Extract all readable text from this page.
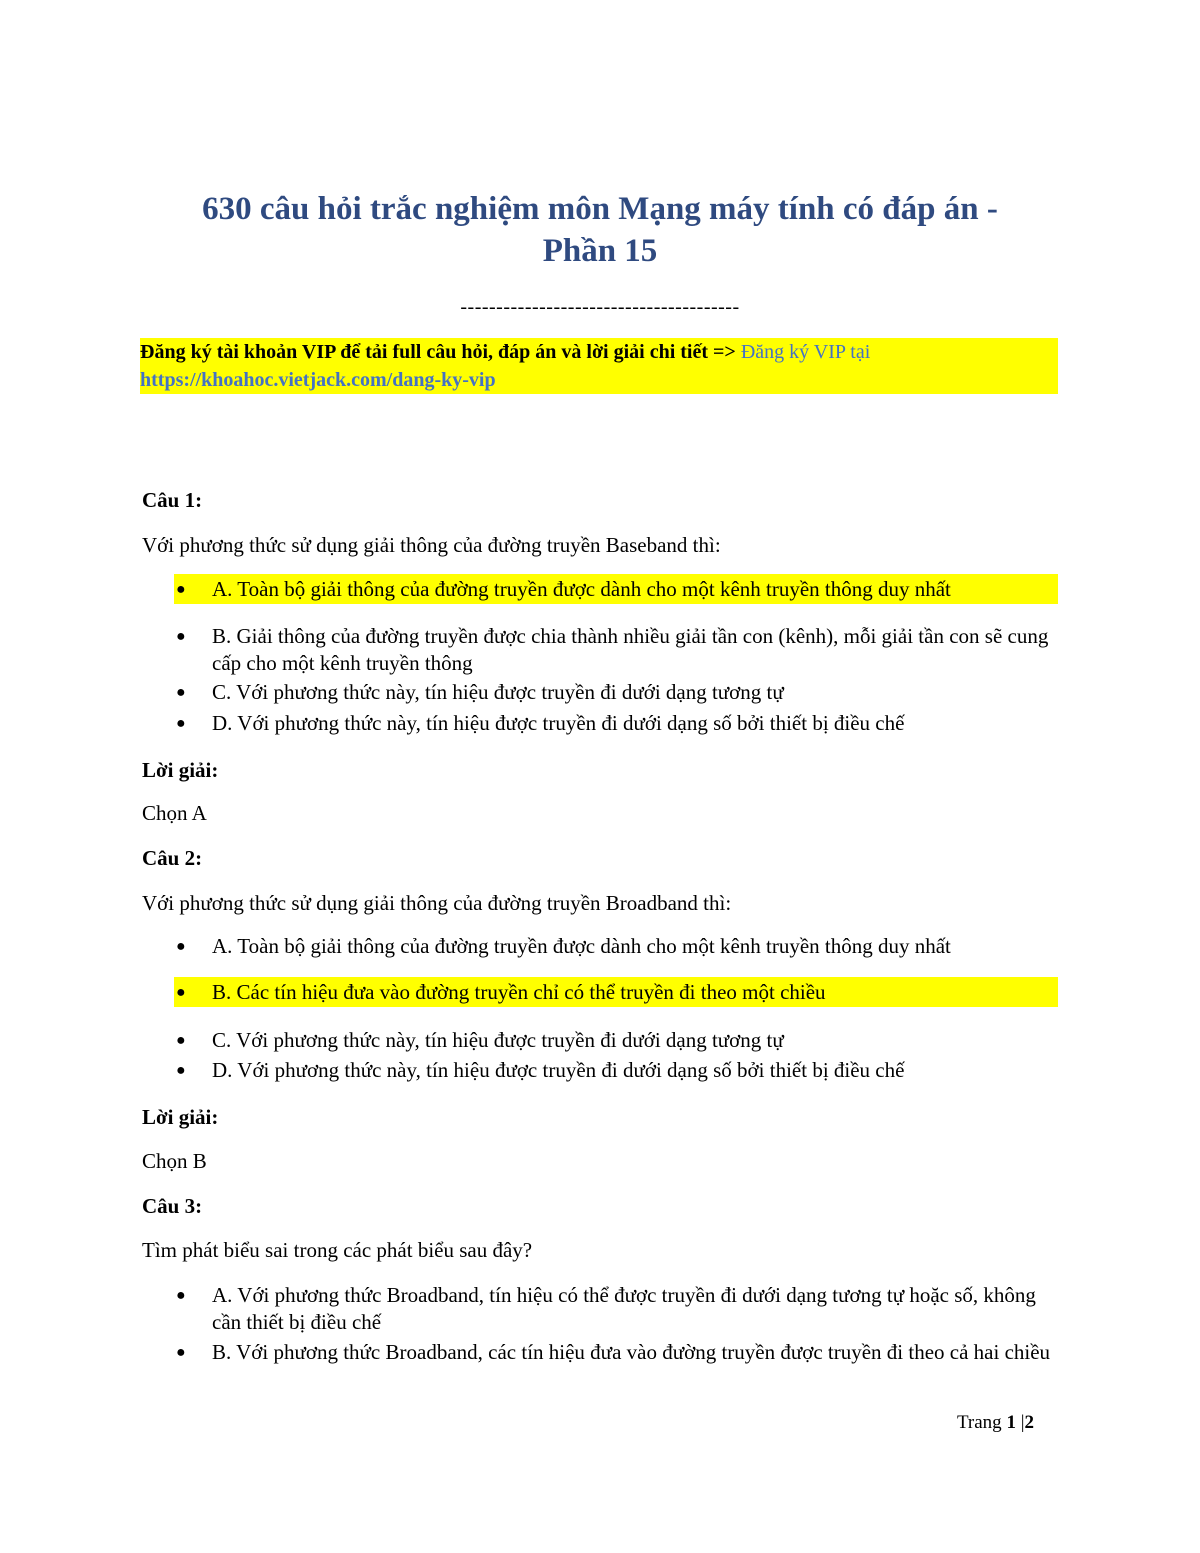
630 câu hỏi trắc nghiệm môn Mạng máy tính có đáp án -
Phần 15
---------------------------------------
Đăng ký tài khoản VIP để tải full câu hỏi, đáp án và lời giải chi tiết => Đăng ký VIP tại
https://khoahoc.vietjack.com/dang-ky-vip
Câu 1:
Với phương thức sử dụng giải thông của đường truyền Baseband thì:
● A. Toàn bộ giải thông của đường truyền được dành cho một kênh truyền thông duy nhất
● B. Giải thông của đường truyền được chia thành nhiều giải tần con (kênh), mỗi giải tần con sẽ cung cấp cho một kênh truyền thông
● C. Với phương thức này, tín hiệu được truyền đi dưới dạng tương tự
● D. Với phương thức này, tín hiệu được truyền đi dưới dạng số bởi thiết bị điều chế
Lời giải:
Chọn A
Câu 2:
Với phương thức sử dụng giải thông của đường truyền Broadband thì:
● A. Toàn bộ giải thông của đường truyền được dành cho một kênh truyền thông duy nhất
● B. Các tín hiệu đưa vào đường truyền chỉ có thể truyền đi theo một chiều
● C. Với phương thức này, tín hiệu được truyền đi dưới dạng tương tự
● D. Với phương thức này, tín hiệu được truyền đi dưới dạng số bởi thiết bị điều chế
Lời giải:
Chọn B
Câu 3:
Tìm phát biểu sai trong các phát biểu sau đây?
● A. Với phương thức Broadband, tín hiệu có thể được truyền đi dưới dạng tương tự hoặc số, không cần thiết bị điều chế
● B. Với phương thức Broadband, các tín hiệu đưa vào đường truyền được truyền đi theo cả hai chiều
Trang 1 |2
